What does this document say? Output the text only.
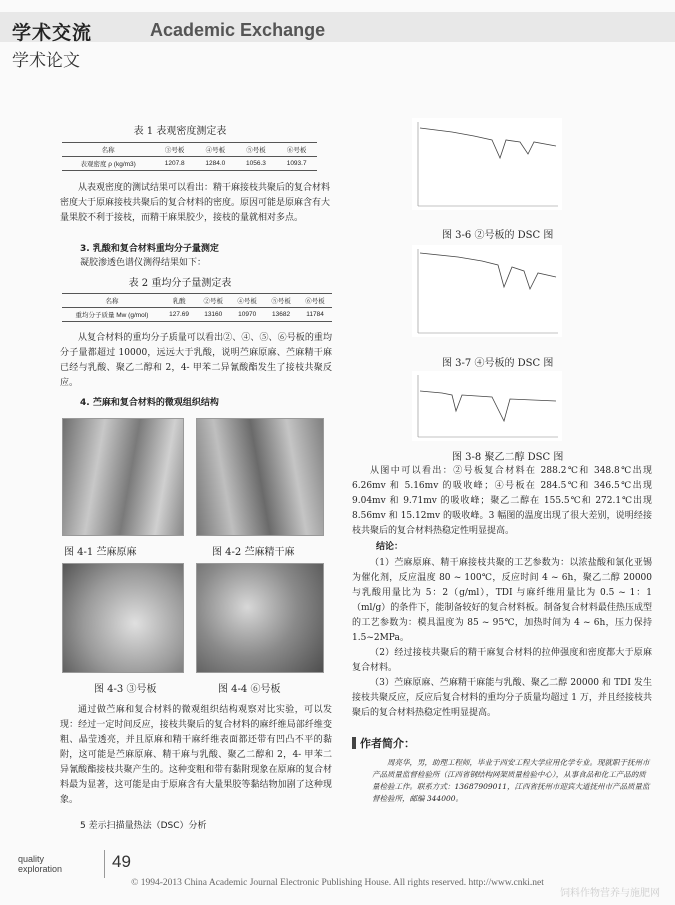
学术交流	Academic Exchange
学术论文
表 1 表观密度测定表
名称	③号板	④号板	⑤号板	⑥号板
表观密度 ρ (kg/m3)	1207.8	1284.0	1056.3	1093.7
从表观密度的测试结果可以看出：精干麻接枝共聚后的复合材料密度大于原麻接枝共聚后的复合材料的密度。原因可能是原麻含有大量果胶不利于接枝，而精干麻果胶少，接枝的量就相对多点。
3. 乳酸和复合材料重均分子量测定
凝胶渗透色谱仪测得结果如下：
表 2 重均分子量测定表
名称	乳酸	②号板	④号板	⑤号板	⑥号板
重均分子质量 Mw (g/mol)	127.69	13160	10970	13682	11784
从复合材料的重均分子质量可以看出②、④、⑤、⑥号板的重均分子量都超过 10000，远远大于乳酸，说明苎麻原麻、苎麻精干麻已经与乳酸、聚乙二醇和 2，4- 甲苯二异氰酸酯发生了接枝共聚反应。
4. 苎麻和复合材料的微观组织结构
图 4-1 苎麻原麻	图 4-2 苎麻精干麻
图 4-3 ③号板	图 4-4 ⑥号板
通过做苎麻和复合材料的微观组织结构观察对比实验，可以发现：经过一定时间反应，接枝共聚后的复合材料的麻纤维局部纤维变粗、晶莹透亮，并且原麻和精干麻纤维表面都还带有凹凸不平的黏附，这可能是苎麻原麻、精干麻与乳酸、聚乙二醇和 2，4- 甲苯二异氰酸酯接枝共聚产生的。这种变粗和带有黏附现象在原麻的复合材料最为显著，这可能是由于原麻含有大量果胶等黏结物加剧了这种现象。
5 差示扫描量热法（DSC）分析
图 3-6 ②号板的 DSC 图
图 3-7 ④号板的 DSC 图
图 3-8 聚乙二醇 DSC 图
从图中可以看出：②号板复合材料在 288.2℃和 348.8℃出现 6.26mv 和 5.16mv 的吸收峰；④号板在 284.5℃和 346.5℃出现 9.04mv 和 9.71mv 的吸收峰；聚乙二醇在 155.5℃和 272.1℃出现 8.56mv 和 15.12mv 的吸收峰。3 幅图的温度出现了很大差别，说明经接枝共聚后的复合材料热稳定性明显提高。
结论：
（1）苎麻原麻、精干麻接枝共聚的工艺参数为：以浓盐酸和氯化亚锡为催化剂，反应温度 80 ~ 100℃，反应时间 4 ~ 6h，聚乙二醇 20000 与乳酸用量比为 5：2（g/ml），TDI 与麻纤维用量比为 0.5 ~ 1：1（ml/g）的条件下，能制备较好的复合材料板。制备复合材料最佳热压成型的工艺参数为：模具温度为 85 ~ 95℃，加热时间为 4 ~ 6h，压力保持 1.5~2MPa。
（2）经过接枝共聚后的精干麻复合材料的拉伸强度和密度都大于原麻复合材料。
（3）苎麻原麻、苎麻精干麻能与乳酸、聚乙二醇 20000 和 TDI 发生接枝共聚反应，反应后复合材料的重均分子质量均超过 1 万，并且经接枝共聚后的复合材料热稳定性明显提高。
作者简介：
周亮华，男，助理工程师，毕业于西安工程大学应用化学专业。现就职于抚州市产品质量监督检验所（江西省钢结构网架质量检验中心），从事食品和化工产品的质量检验工作。联系方式：13687909011，江西省抚州市迎宾大道抚州市产品质量监督检验所，邮编 344000。
quality
exploration	49
© 1994-2013 China Academic Journal Electronic Publishing House. All rights reserved. http://www.cnki.net
饲料作物营养与施肥网
